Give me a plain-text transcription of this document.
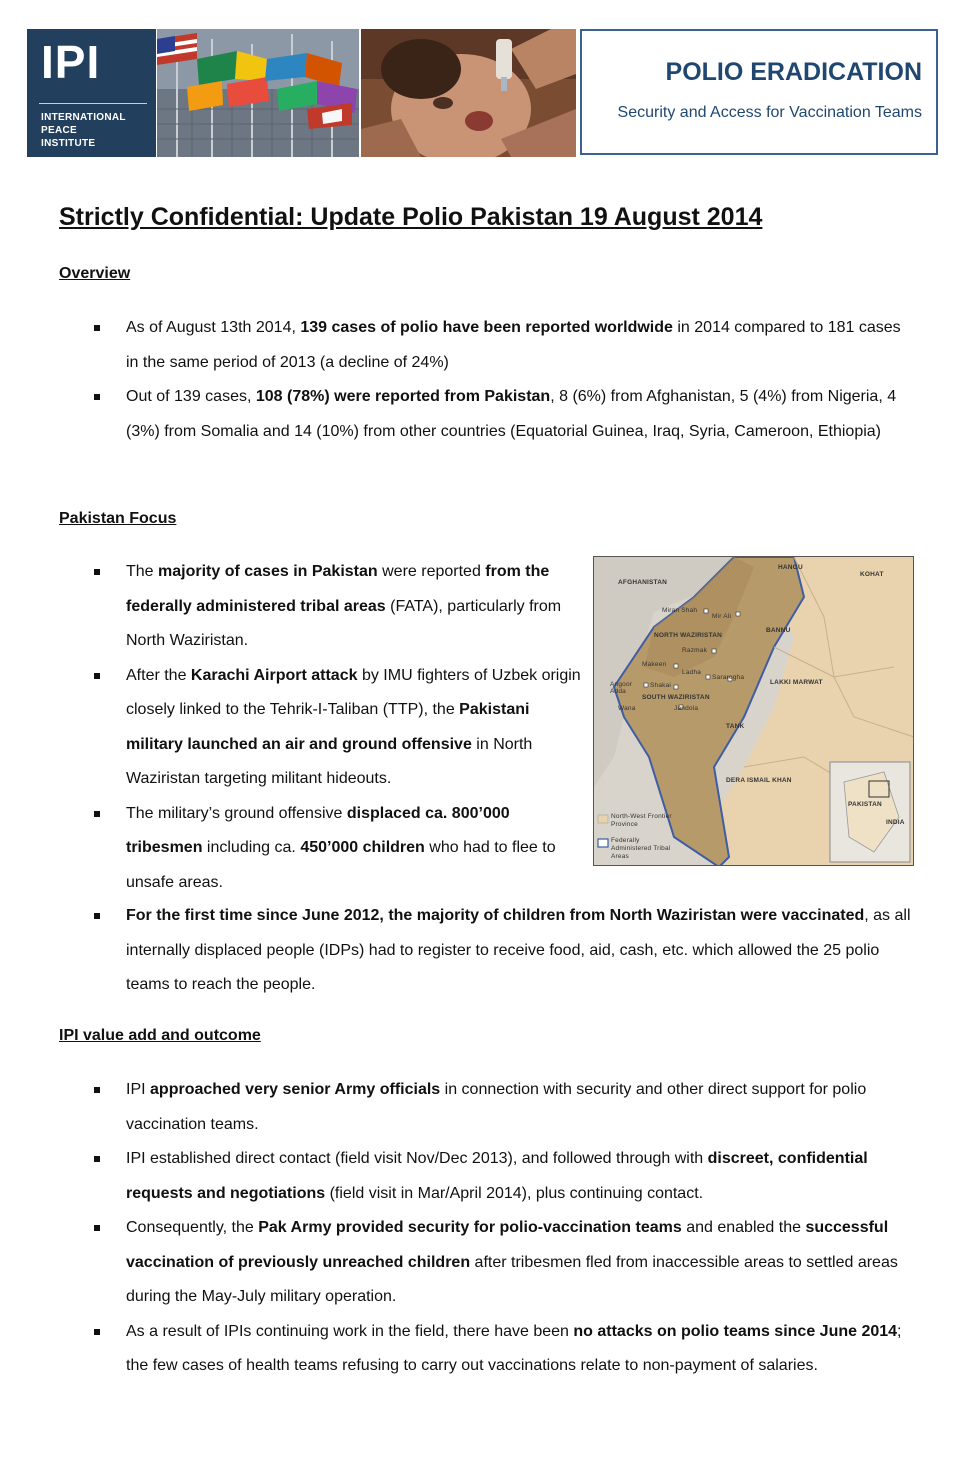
IPI
INTERNATIONAL
PEACE
INSTITUTE
POLIO ERADICATION
Security and Access for Vaccination Teams
Strictly Confidential: Update Polio Pakistan 19 August 2014
Overview
As of August 13th 2014, 139 cases of polio have been reported worldwide in 2014 compared to 181 cases in the same period of 2013 (a decline of 24%)
Out of 139 cases, 108 (78%) were reported from Pakistan, 8 (6%) from Afghanistan, 5 (4%) from Nigeria, 4 (3%) from Somalia and 14 (10%) from other countries (Equatorial Guinea, Iraq, Syria, Cameroon, Ethiopia)
Pakistan Focus
The majority of cases in Pakistan were reported from the federally administered tribal areas (FATA), particularly from North Waziristan.
After the Karachi Airport attack by IMU fighters of Uzbek origin closely linked to the Tehrik-I-Taliban (TTP), the Pakistani military launched an air and ground offensive in North Waziristan targeting militant hideouts.
The military’s ground offensive displaced ca. 800’000 tribesmen including ca. 450’000 children who had to flee to unsafe areas.
For the first time since June 2012, the majority of children from North Waziristan were vaccinated, as all internally displaced people (IDPs) had to register to receive food, aid, cash, etc. which allowed the 25 polio teams to reach the people.
AFGHANISTAN
HANGU
KOHAT
Miran Shah
Mir Ali
NORTH WAZIRISTAN
Razmak
BANNU
Makeen
Ladha
Sararogha
Angoor Adda
Shakai
SOUTH WAZIRISTAN
Wana	Jandola
LAKKI MARWAT
TANK
DERA ISMAIL KHAN
PAKISTAN
INDIA
North-West Frontier Province
Federally Administered Tribal Areas
IPI value add and outcome
IPI approached very senior Army officials in connection with security and other direct support for polio vaccination teams.
IPI established direct contact (field visit Nov/Dec 2013), and followed through with discreet, confidential requests and negotiations (field visit in Mar/April 2014), plus continuing contact.
Consequently, the Pak Army provided security for polio-vaccination teams and enabled the successful vaccination of previously unreached children after tribesmen fled from inaccessible areas to settled areas during the May-July military operation.
As a result of IPIs continuing work in the field, there have been no attacks on polio teams since June 2014; the few cases of health teams refusing to carry out vaccinations relate to non-payment of salaries.
